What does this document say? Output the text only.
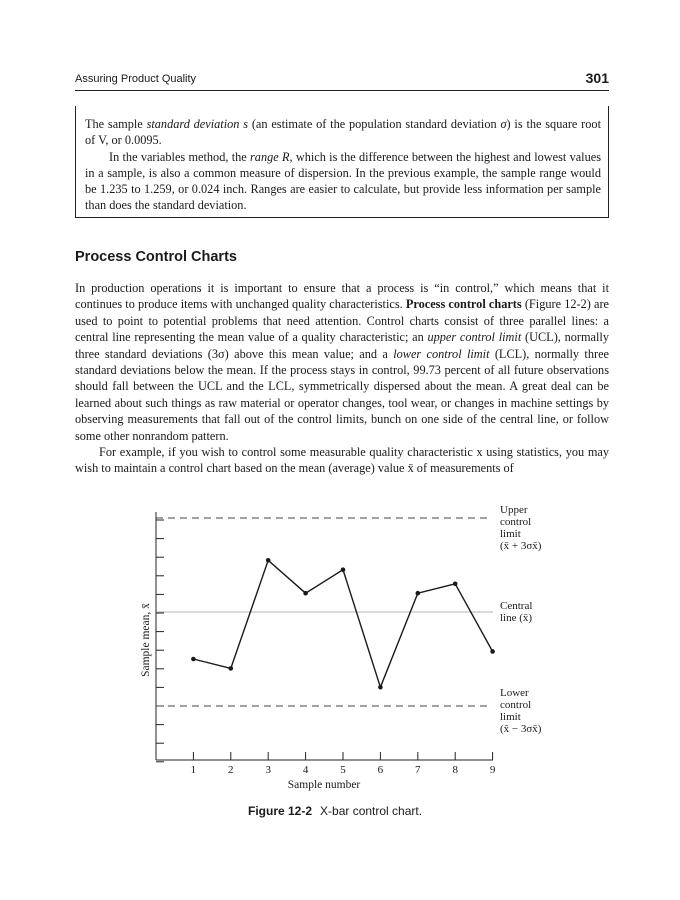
Assuring Product Quality	301

The sample standard deviation s (an estimate of the population standard deviation σ) is the square root of V, or 0.0095.

In the variables method, the range R, which is the difference between the highest and lowest values in a sample, is also a common measure of dispersion. In the previous example, the sample range would be 1.235 to 1.259, or 0.024 inch. Ranges are easier to calculate, but provide less information per sample than does the standard deviation.

Process Control Charts

In production operations it is important to ensure that a process is “in control,” which means that it continues to produce items with unchanged quality characteristics. Process control charts (Figure 12-2) are used to point to potential problems that need attention. Control charts consist of three parallel lines: a central line representing the mean value of a quality characteristic; an upper control limit (UCL), normally three standard deviations (3σ) above this mean value; and a lower control limit (LCL), normally three standard deviations below the mean. If the process stays in control, 99.73 percent of all future observations should fall between the UCL and the LCL, symmetrically dispersed about the mean. A great deal can be learned about such things as raw material or operator changes, tool wear, or changes in machine settings by observing measurements that fall out of the control limits, bunch on one side of the central line, or follow some other nonrandom pattern.

For example, if you wish to control some measurable quality characteristic x using statistics, you may wish to maintain a control chart based on the mean (average) value x̄ of measurements of

1	2	3	4	5	6	7	8	9
Upper control limit (x̄ + 3σx̄)
Central line (x̄)
Lower control limit (x̄ − 3σx̄)
Sample number
Sample mean, x̄
Figure 12-2 X-bar control chart.
